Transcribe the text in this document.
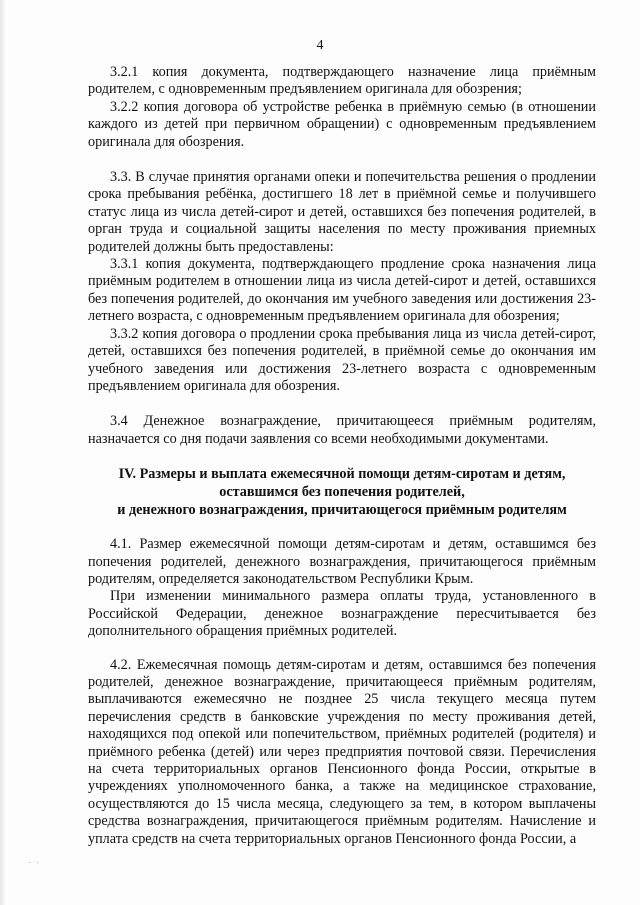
4

3.2.1 копия документа, подтверждающего назначение лица приёмным родителем, с одновременным предъявлением оригинала для обозрения;

3.2.2 копия договора об устройстве ребенка в приёмную семью (в отношении каждого из детей при первичном обращении) с одновременным предъявлением оригинала для обозрения.

3.3. В случае принятия органами опеки и попечительства решения о продлении срока пребывания ребёнка, достигшего 18 лет в приёмной семье и получившего статус лица из числа детей-сирот и детей, оставшихся без попечения родителей, в орган труда и социальной защиты населения по месту проживания приемных родителей должны быть предоставлены:

3.3.1 копия документа, подтверждающего продление срока назначения лица приёмным родителем в отношении лица из числа детей-сирот и детей, оставшихся без попечения родителей, до окончания им учебного заведения или достижения 23-летнего возраста, с одновременным предъявлением оригинала для обозрения;

3.3.2 копия договора о продлении срока пребывания лица из числа детей-сирот, детей, оставшихся без попечения родителей, в приёмной семье до окончания им учебного заведения или достижения 23-летнего возраста с одновременным предъявлением оригинала для обозрения.

3.4 Денежное вознаграждение, причитающееся приёмным родителям, назначается со дня подачи заявления со всеми необходимыми документами.

IV. Размеры и выплата ежемесячной помощи детям-сиротам и детям,
оставшимся без попечения родителей,
и денежного вознаграждения, причитающегося приёмным родителям

4.1. Размер ежемесячной помощи детям-сиротам и детям, оставшимся без попечения родителей, денежного вознаграждения, причитающегося приёмным родителям, определяется законодательством Республики Крым.

При изменении минимального размера оплаты труда, установленного в Российской Федерации, денежное вознаграждение пересчитывается без дополнительного обращения приёмных родителей.

4.2. Ежемесячная помощь детям-сиротам и детям, оставшимся без попечения родителей, денежное вознаграждение, причитающееся приёмным родителям, выплачиваются ежемесячно не позднее 25 числа текущего месяца путем перечисления средств в банковские учреждения по месту проживания детей, находящихся под опекой или попечительством, приёмных родителей (родителя) и приёмного ребенка (детей) или через предприятия почтовой связи. Перечисления на счета территориальных органов Пенсионного фонда России, открытые в учреждениях уполномоченного банка, а также на медицинское страхование, осуществляются до 15 числа месяца, следующего за тем, в котором выплачены средства вознаграждения, причитающегося приёмным родителям. Начисление и уплата средств на счета территориальных органов Пенсионного фонда России, а

· ·
